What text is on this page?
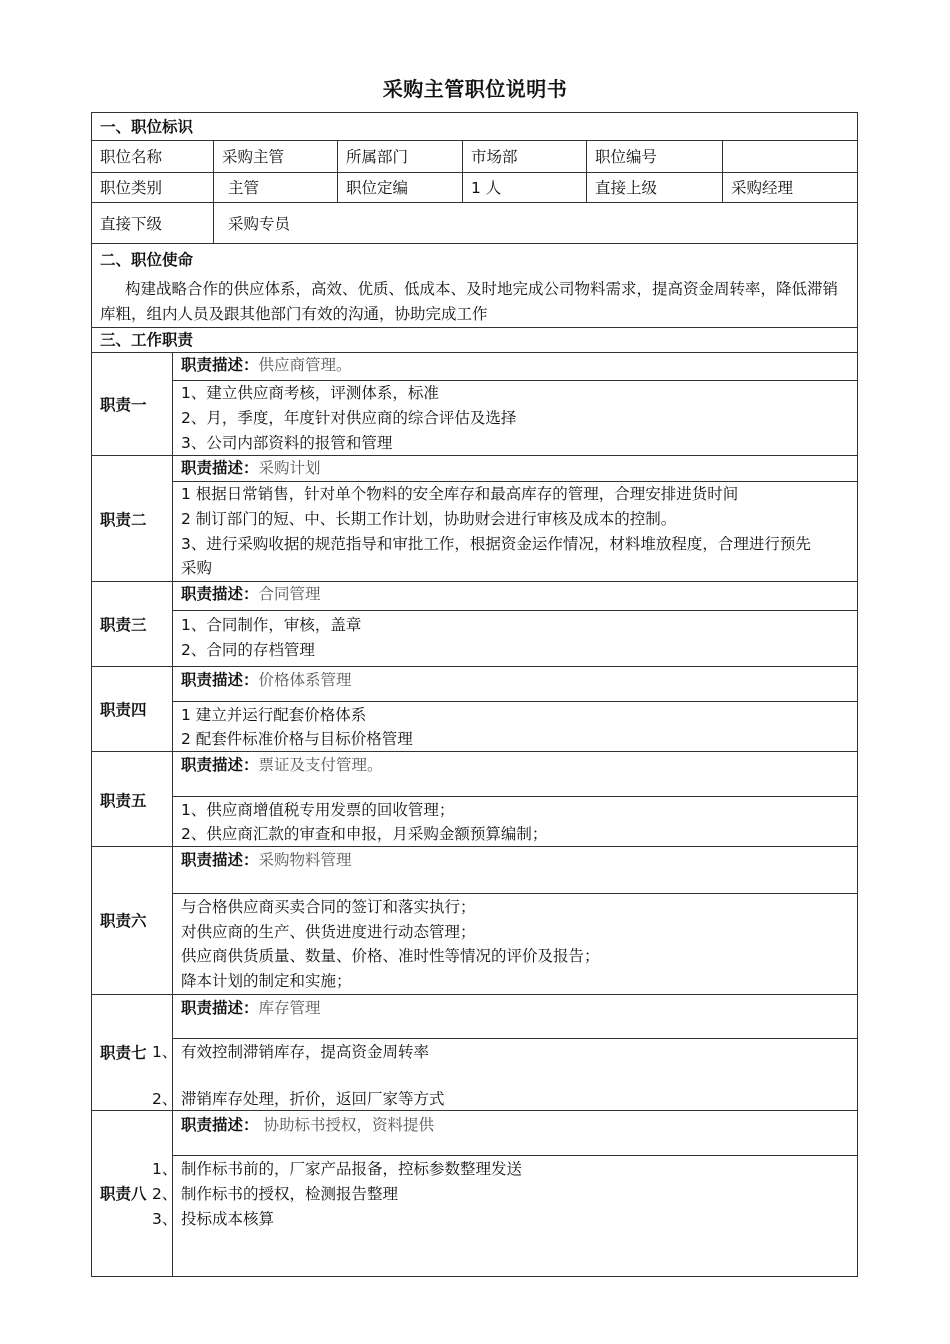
采购主管职位说明书
一、职位标识
职位名称	采购主管	所属部门	市场部	职位编号
职位类别	主管	职位定编	1 人	直接上级	采购经理
直接下级	采购专员
二、职位使命
构建战略合作的供应体系，高效、优质、低成本、及时地完成公司物料需求，提高资金周转率，降低滞销库粗，组内人员及跟其他部门有效的沟通，协助完成工作
三、工作职责
职责一
职责描述：供应商管理。
1、建立供应商考核，评测体系，标准
2、月，季度，年度针对供应商的综合评估及选择
3、公司内部资料的报管和管理
职责二
职责描述：采购计划
1 根据日常销售，针对单个物料的安全库存和最高库存的管理，合理安排进货时间
2 制订部门的短、中、长期工作计划，协助财会进行审核及成本的控制。
3、进行采购收据的规范指导和审批工作，根据资金运作情况，材料堆放程度，合理进行预先
采购
职责三
职责描述：合同管理
1、合同制作，审核，盖章
2、合同的存档管理
职责四
职责描述：价格体系管理
1 建立并运行配套价格体系
2 配套件标准价格与目标价格管理
职责五
职责描述：票证及支付管理。
1、供应商增值税专用发票的回收管理；
2、供应商汇款的审查和申报，月采购金额预算编制；
职责六
职责描述：采购物料管理
与合格供应商买卖合同的签订和落实执行；
对供应商的生产、供货进度进行动态管理；
供应商供货质量、数量、价格、准时性等情况的评价及报告；
降本计划的制定和实施；
职责七
职责描述：库存管理
1、 有效控制滞销库存，提高资金周转率
2、 滞销库存处理，折价，返回厂家等方式
职责八
职责描述： 协助标书授权，资料提供
1、 制作标书前的，厂家产品报备，控标参数整理发送
2、 制作标书的授权，检测报告整理
3、 投标成本核算
